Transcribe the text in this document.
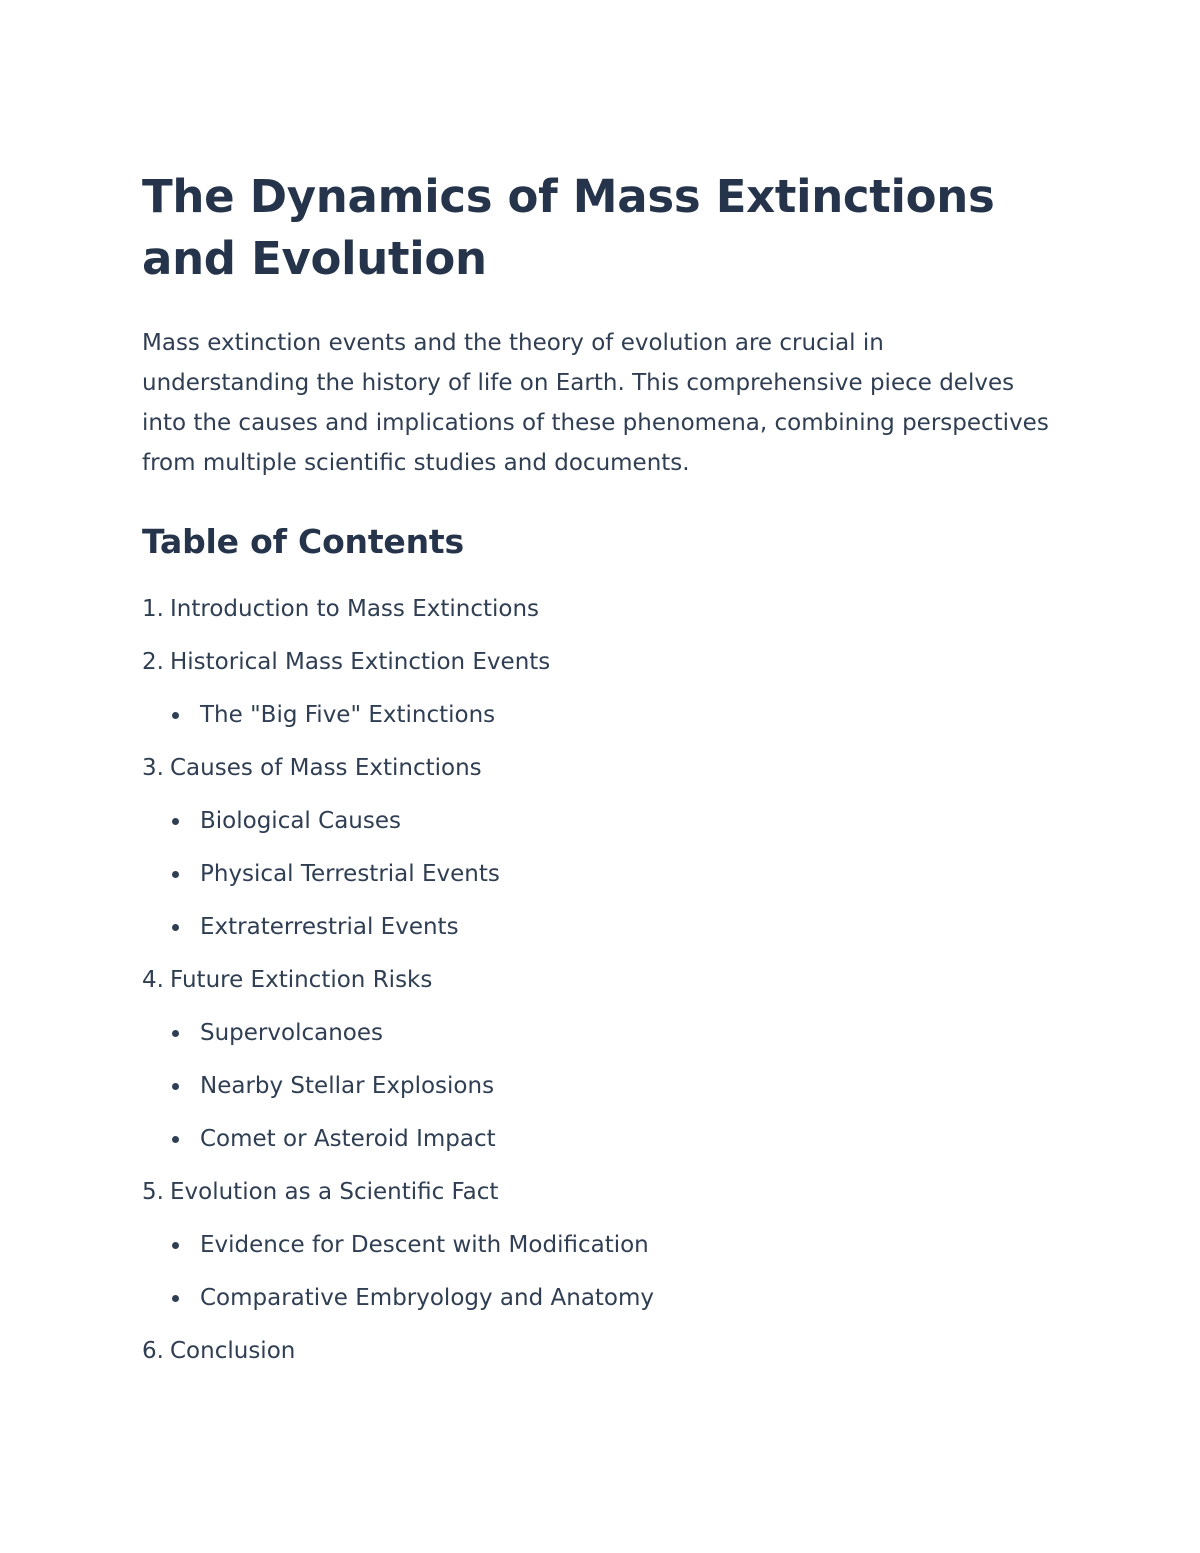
The Dynamics of Mass Extinctions and Evolution

Mass extinction events and the theory of evolution are crucial in understanding the history of life on Earth. This comprehensive piece delves into the causes and implications of these phenomena, combining perspectives from multiple scientific studies and documents.

Table of Contents
1. Introduction to Mass Extinctions
2. Historical Mass Extinction Events
The "Big Five" Extinctions
3. Causes of Mass Extinctions
Biological Causes
Physical Terrestrial Events
Extraterrestrial Events
4. Future Extinction Risks
Supervolcanoes
Nearby Stellar Explosions
Comet or Asteroid Impact
5. Evolution as a Scientific Fact
Evidence for Descent with Modification
Comparative Embryology and Anatomy
6. Conclusion
